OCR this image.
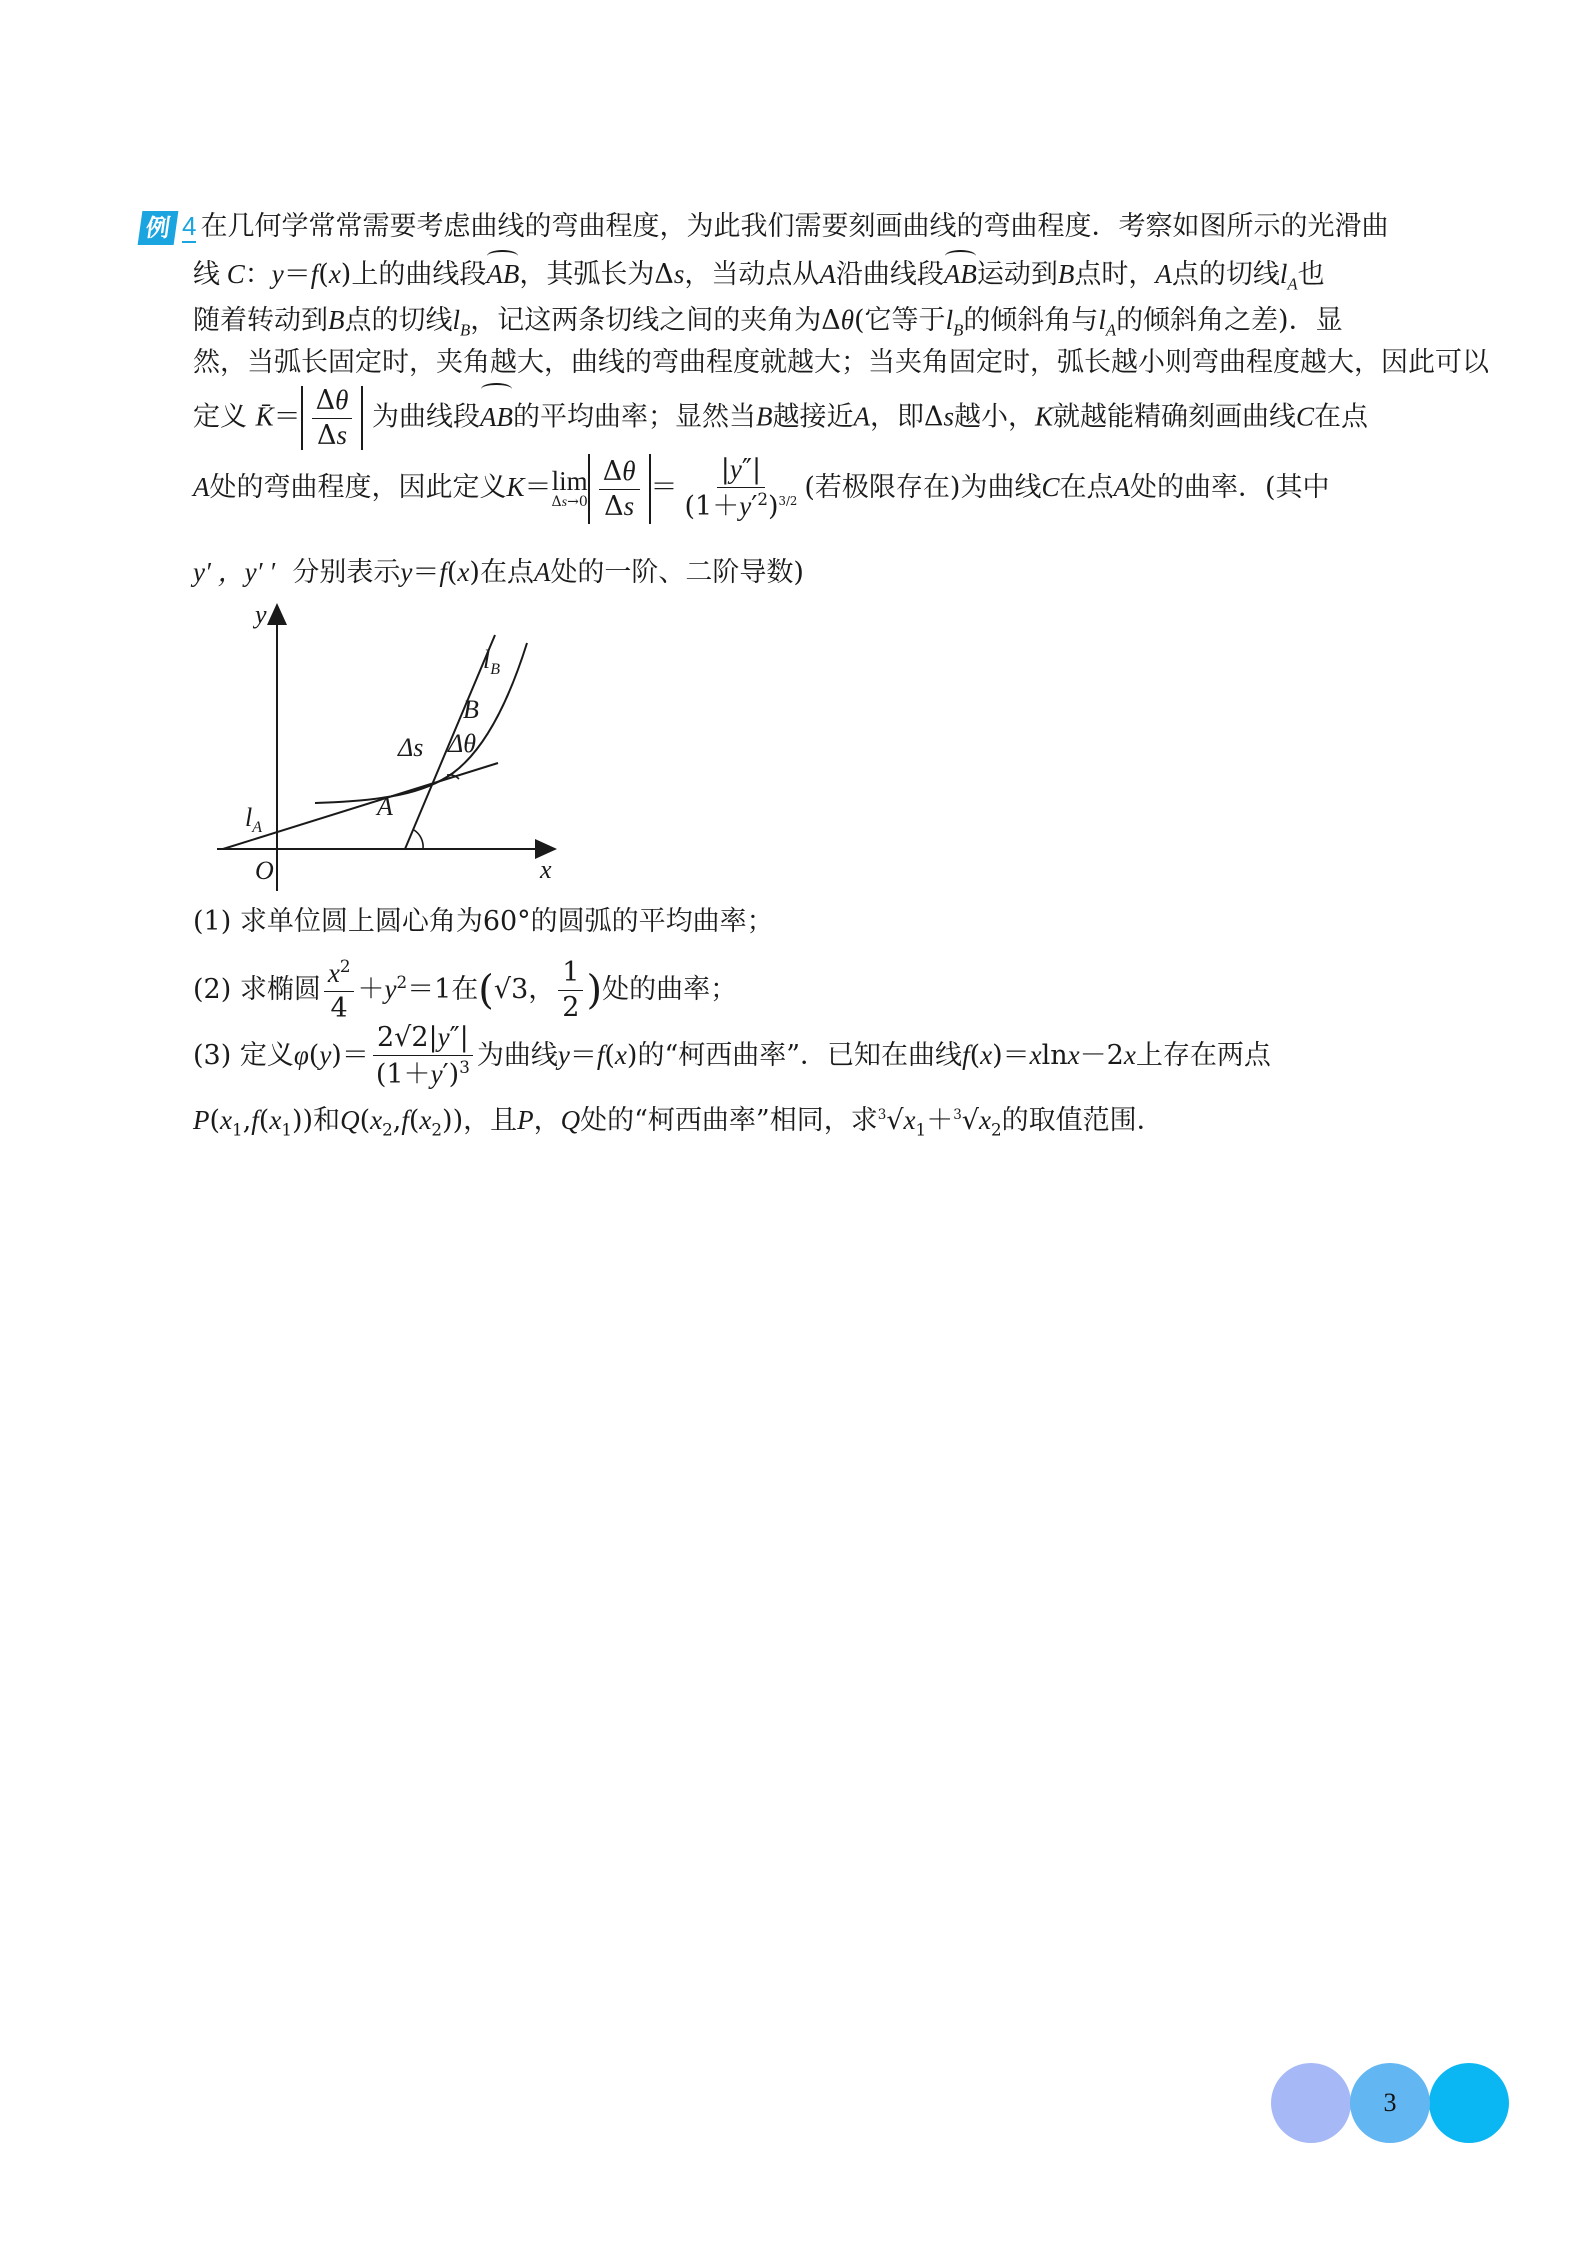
例 4 在几何学常常需要考虑曲线的弯曲程度，为此我们需要刻画曲线的弯曲程度．考察如图所示的光滑曲
线 C：y＝f(x)上的曲线段AB，其弧长为Δs，当动点从A沿曲线段AB运动到B点时，A点的切线$l_A$也
随着转动到B点的切线$l_B$，记这两条切线之间的夹角为Δθ(它等于$l_B$的倾斜角与$l_A$的倾斜角之差)．显
然，当弧长固定时，夹角越大，曲线的弯曲程度就越大；当夹角固定时，弧长越小则弯曲程度越大，因此可以
定义 K̄＝ $\frac{\Delta\theta}{\Delta s}$ 为曲线段AB的平均曲率；显然当B越接近A，即Δs越小，K就越能精确刻画曲线C在点
A处的弯曲程度，因此定义K＝ lim
$\Delta s\to 0 \frac{\Delta\theta}{\Delta s} = \frac{|y''|}{(1+y'^2)^{3/2}}$ (若极限存在)为曲线C在点A处的曲率．(其中
y′ ，y′ ′ 分别表示y＝f(x)在点A处的一阶、二阶导数)
y
x
O
$l_A$
$l_B$
B
A
Δs Δθ
(1) 求单位圆上圆心角为60°的圆弧的平均曲率；
(2) 求椭圆 $\frac{x^2}{4} +y^2=1$在(√3， $\frac{1}{2}$ )处的曲率；
(3) 定义$\varphi(y)= \frac{2√2|y''|}{(1+y')^3}$ 为曲线y＝f(x)的“柯西曲率”．已知在曲线f(x)＝xlnx－2x上存在两点
$P(x_1,f(x_1))$和$Q(x_2,f(x_2))$，且P，Q处的“柯西曲率”相同，求$^3√x_1+^3√x_2$的取值范围．
3
